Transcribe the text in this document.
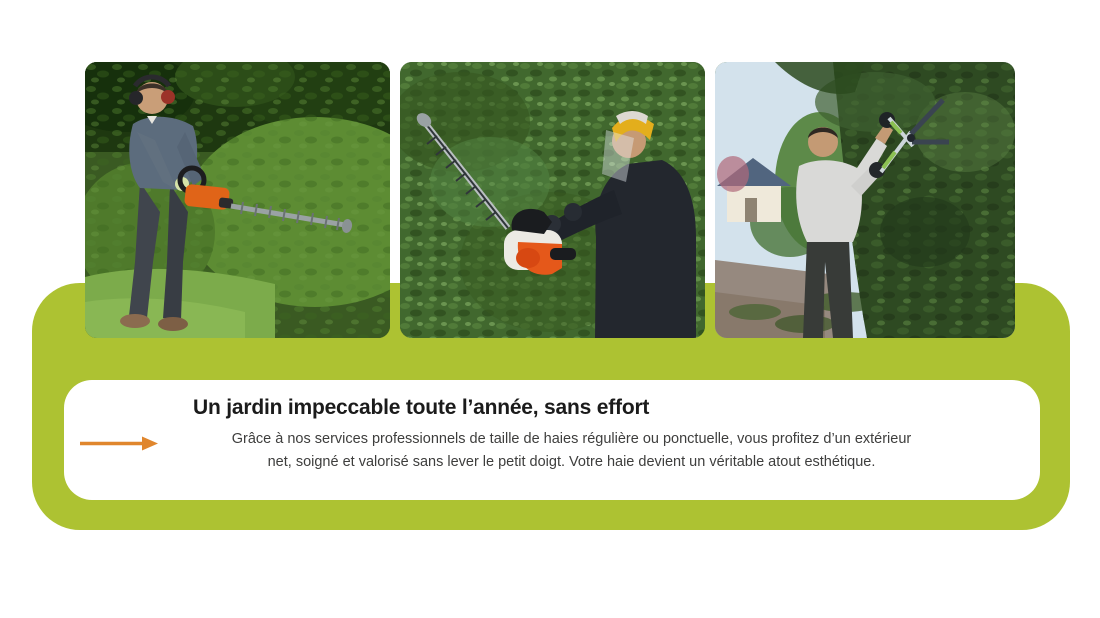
Un jardin impeccable toute l’année, sans effort

Grâce à nos services professionnels de taille de haies régulière ou ponctuelle, vous profitez d’un extérieur
net, soigné et valorisé sans lever le petit doigt. Votre haie devient un véritable atout esthétique.
